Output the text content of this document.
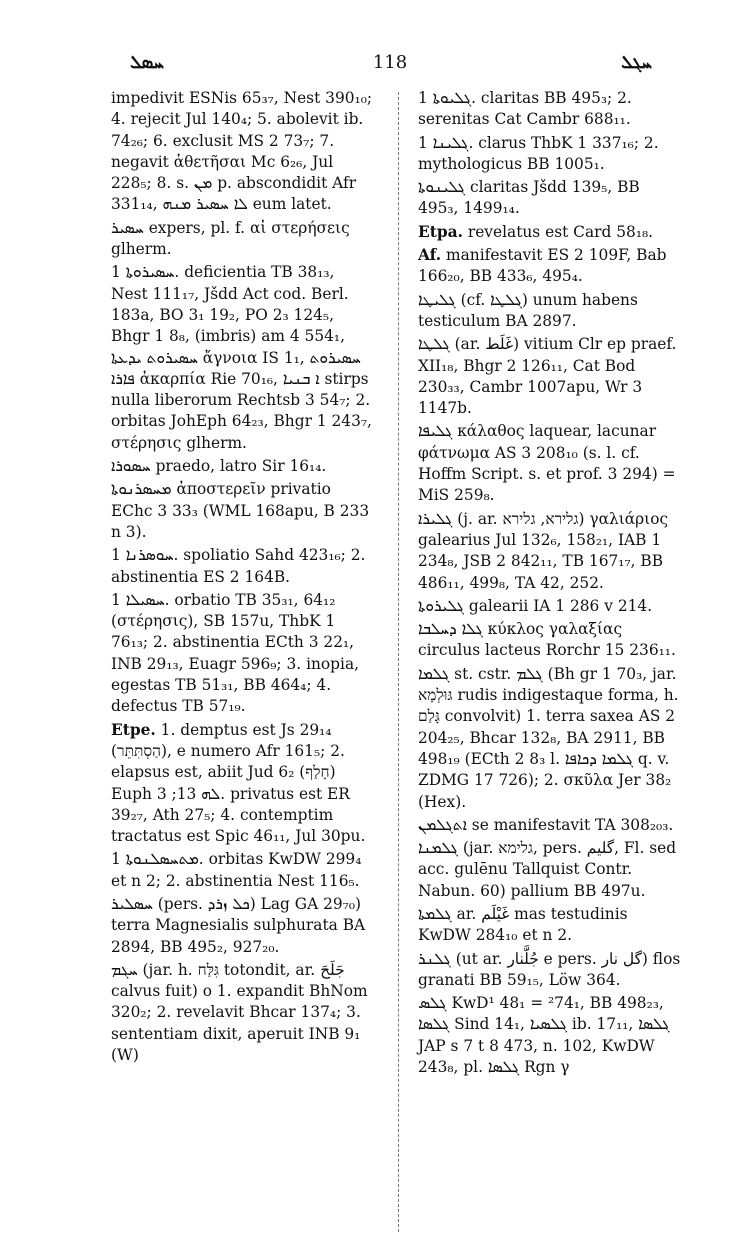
ܚܣܠ	118	ܚܓܠ

impedivit ESNis 65₃₇, Nest 390₁₀; 4. rejecit Jul 140₄; 5. abolevit ib. 74₂₆; 6. exclusit MS 2 73₇; 7. negavit ἀθετῆσαι Mc 6₂₆, Jul 228₅; 8. s. ܡܢ p. abscondidit Afr 331₁₄, ܠܐ ܚܣܝܪ ܡܢܗ eum latet.

ܚܣܝܪ expers, pl. f. αἱ στερήσεις glherm.

ܚܣܝܪܘܬܐ 1. deficientia TB 38₁₃, Nest 111₁₇, Jšdd Act cod. Berl. 183a, BO 3₁ 19₂, PO 2₃ 124₅, Bhgr 1 8₈, (imbris) am 4 554₁, ܚܣܝܪܘܬ ܝܕܥܬܐ ἄγνοια IS 1₁, ܚܣܝܪܘܬ ܦܐܪܐ ἀκαρπία Rie 70₁₆, ܐ ܒܢܝܐ stirps nulla liberorum Rechtsb 3 54₇; 2. orbitas JohEph 64₂₃, Bhgr 1 243₇, στέρησις glherm.

ܚܣܘܪܐ praedo, latro Sir 16₁₄.

ܡܚܣܪܢܘܬܐ ἀποστερεῖν privatio EChc 3 33₃ (WML 168apu, B 233 n 3).

ܚܘܣܪܢܐ 1. spoliatio Sahd 423₁₆; 2. abstinentia ES 2 164B.

ܚܣܝܠܐ 1. orbatio TB 35₃₁, 64₁₂ (στέρησις), SB 157u, ThbK 1 76₁₃; 2. abstinentia ECth 3 22₁, INB 29₁₃, Euagr 596₉; 3. inopia, egestas TB 51₃₁, BB 464₄; 4. defectus TB 57₁₉.

Etpe. 1. demptus est Js 29₁₄ (הַסְתִּתֵּר), e numero Afr 161₅; 2. elapsus est, abiit Jud 6₂ (חָלַף) Euph ܠܗ 13; 3. privatus est ER 39₂₇, Ath 27₅; 4. contemptim tractatus est Spic 46₁₁, Jul 30pu.

ܡܬܚܣܠܢܘܬܐ 1. orbitas KwDW 299₄ et n 2; 2. abstinentia Nest 116₅.

ܚܣܠܝܪ (pers. ܟܠ ܙܪܕ) Lag GA 29₇₀) terra Magnesialis sulphurata BA 2894, BB 495₂, 927₂₀.

ܚܓܡ (jar. h. גִּלַּח totondit, ar. جَلَحَ calvus fuit) o 1. expandit BhNom 320₂; 2. revelavit Bhcar 137₄; 3. sententiam dixit, aperuit INB 9₁ (W)

ܓܠܝܘܬܐ 1. claritas BB 495₃; 2. serenitas Cat Cambr 688₁₁.

ܓܠܝܢܐ 1. clarus ThbK 1 337₁₆; 2. mythologicus BB 1005₁.

ܓܠܝܢܘܬܐ claritas Jšdd 139₅, BB 495₃, 1499₁₄.

Etpa. revelatus est Card 58₁₈.

Af. manifestavit ES 2 109F, Bab 166₂₀, BB 433₆, 495₄.

ܓܠܝܛܐ (cf. ܓܠܛܐ) unum habens testiculum BA 2897.

ܓܠܛܐ (ar. غَلَط) vitium Clr ep praef. XII₁₈, Bhgr 2 126₁₁, Cat Bod 230₃₃, Cambr 1007apu, Wr 3 1147b.

ܓܠܝܦܐ κάλαθος laquear, lacunar φάτνωμα AS 3 208₁₀ (s. l. cf. Hoffm Script. s. et prof. 3 294) = MiS 259₈.

ܓܠܝܪܐ (j. ar. גלירא, גלירא) γαλιάριος galearius Jul 132₆, 158₂₁, IAB 1 234₈, JSB 2 842₁₁, TB 167₁₇, BB 486₁₁, 499₈, TA 42, 252.

ܓܠܝܪܘܬܐ galearii IA 1 286 v 214.

ܓܠܐ ܕܚܠܒܐ κύκλος γαλαξίας circulus lacteus Rorchr 15 236₁₁.

ܓܠܡܐ st. cstr. ܓܠܡ (Bh gr 1 70₃, jar. גּוּלְמָא rudis indigestaque forma, h. גָּלַם convolvit) 1. terra saxea AS 2 204₂₅, Bhcar 132₈, BA 2911, BB 498₁₉ (ECth 2 8₃ l. ܓܠܡܐ ܕܟܐܦܐ q. v. ZDMG 17 726); 2. σκῦλα Jer 38₂ (Hex).

ܐܬܓܠܡܢ se manifestavit TA 308₂₀₃.

ܓܠܡܢܐ (jar. גלימא, pers. گلیم, Fl. sed acc. gulēnu Tallquist Contr. Nabun. 60) pallium BB 497u.

ܓܠܡܬܐ ar. غَيْلَم mas testudinis KwDW 284₁₀ et n 2.

ܓܠܢܪ (ut ar. جُلَّنار e pers. گل نار) flos granati BB 59₁₅, Löw 364.

ܓܠܣ KwD¹ 48₁ = ²74₁, BB 498₂₃, ܓܠܣܐ Sind 14₁, ܓܠܣܝܐ ib. 17₁₁, ܓܠܣܐ JAP s 7 t 8 473, n. 102, KwDW 243₈, pl. ܓܠܣܐ Rgn γ
